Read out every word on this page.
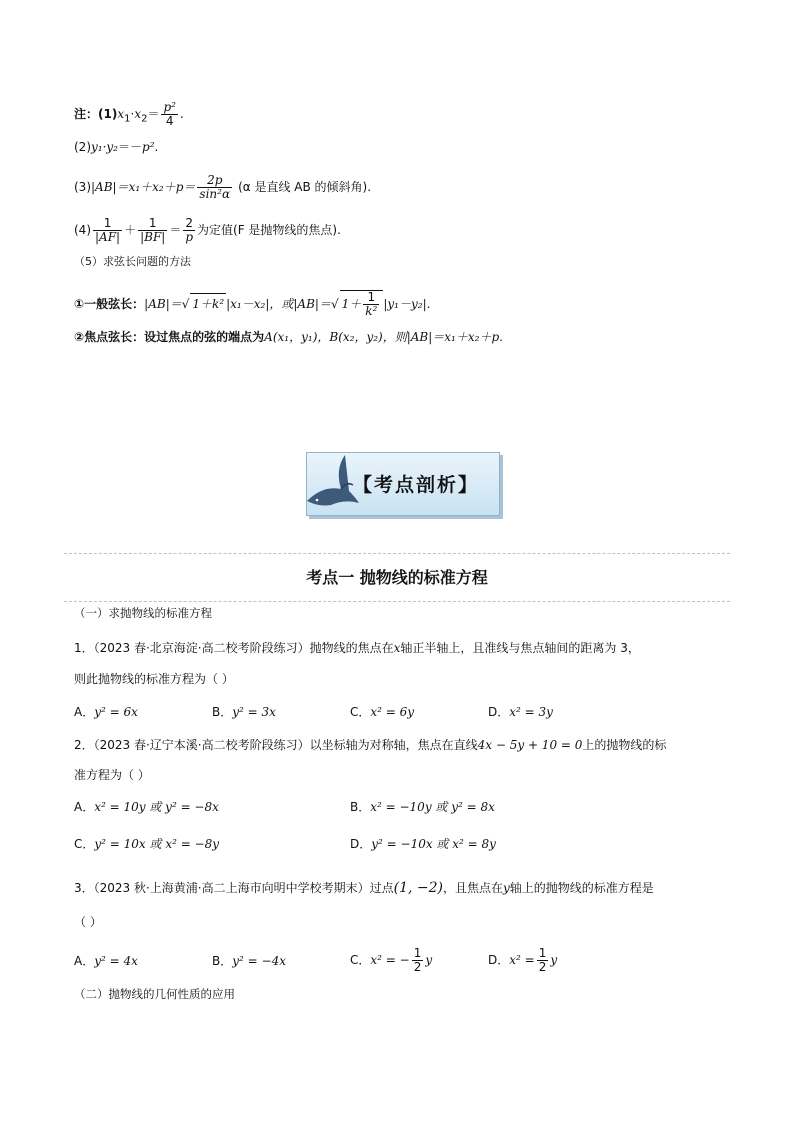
注：$(1)x_1\cdot x_2= \frac{\text{p²}}{4}$ .
(2)y₁·y₂＝－p².
$(3)|AB|=x_1+x_2+p= \frac{2p}{\text{sin²α}} (\alpha$ 是直线 AB 的倾斜角).
$(4) \frac{1}{|AF|} + \frac{1}{|BF|} = \frac{2}{p}$ 为定值(F 是抛物线的焦点).
（5）求弦长问题的方法
①一般弦长：|AB|＝√ 1＋k² |x₁－x₂|，或|AB|＝√ $1+ \frac{1}{\text{k²}} |y_1-y_2|$.
②焦点弦长：设过焦点的弦的端点为A(x₁，y₁)，B(x₂，y₂)，则|AB|＝x₁＋x₂＋p.
【考点剖析】
考点一 抛物线的标准方程
（一）求抛物线的标准方程
1．（2023 春·北京海淀·高二校考阶段练习）抛物线的焦点在x轴正半轴上，且准线与焦点轴间的距离为 3，
则此抛物线的标准方程为（ ）
A．y² = 6x	B．y² = 3x	C．x² = 6y	D．x² = 3y
2．（2023 春·辽宁本溪·高二校考阶段练习）以坐标轴为对称轴，焦点在直线4x − 5y + 10 = 0上的抛物线的标
准方程为（ ）
A．x² = 10y 或 y² = −8x	B．x² = −10y 或 y² = 8x
C．y² = 10x 或 x² = −8y	D．y² = −10x 或 x² = 8y
3．（2023 秋·上海黄浦·高二上海市向明中学校考期末）过点(1, −2)，且焦点在y轴上的抛物线的标准方程是
（ ）
A．y² = 4x	B．y² = −4x	C．x² = − $\frac{1}{2}$ y	D．$x^2 = \frac{1}{2}$ y
（二）抛物线的几何性质的应用
